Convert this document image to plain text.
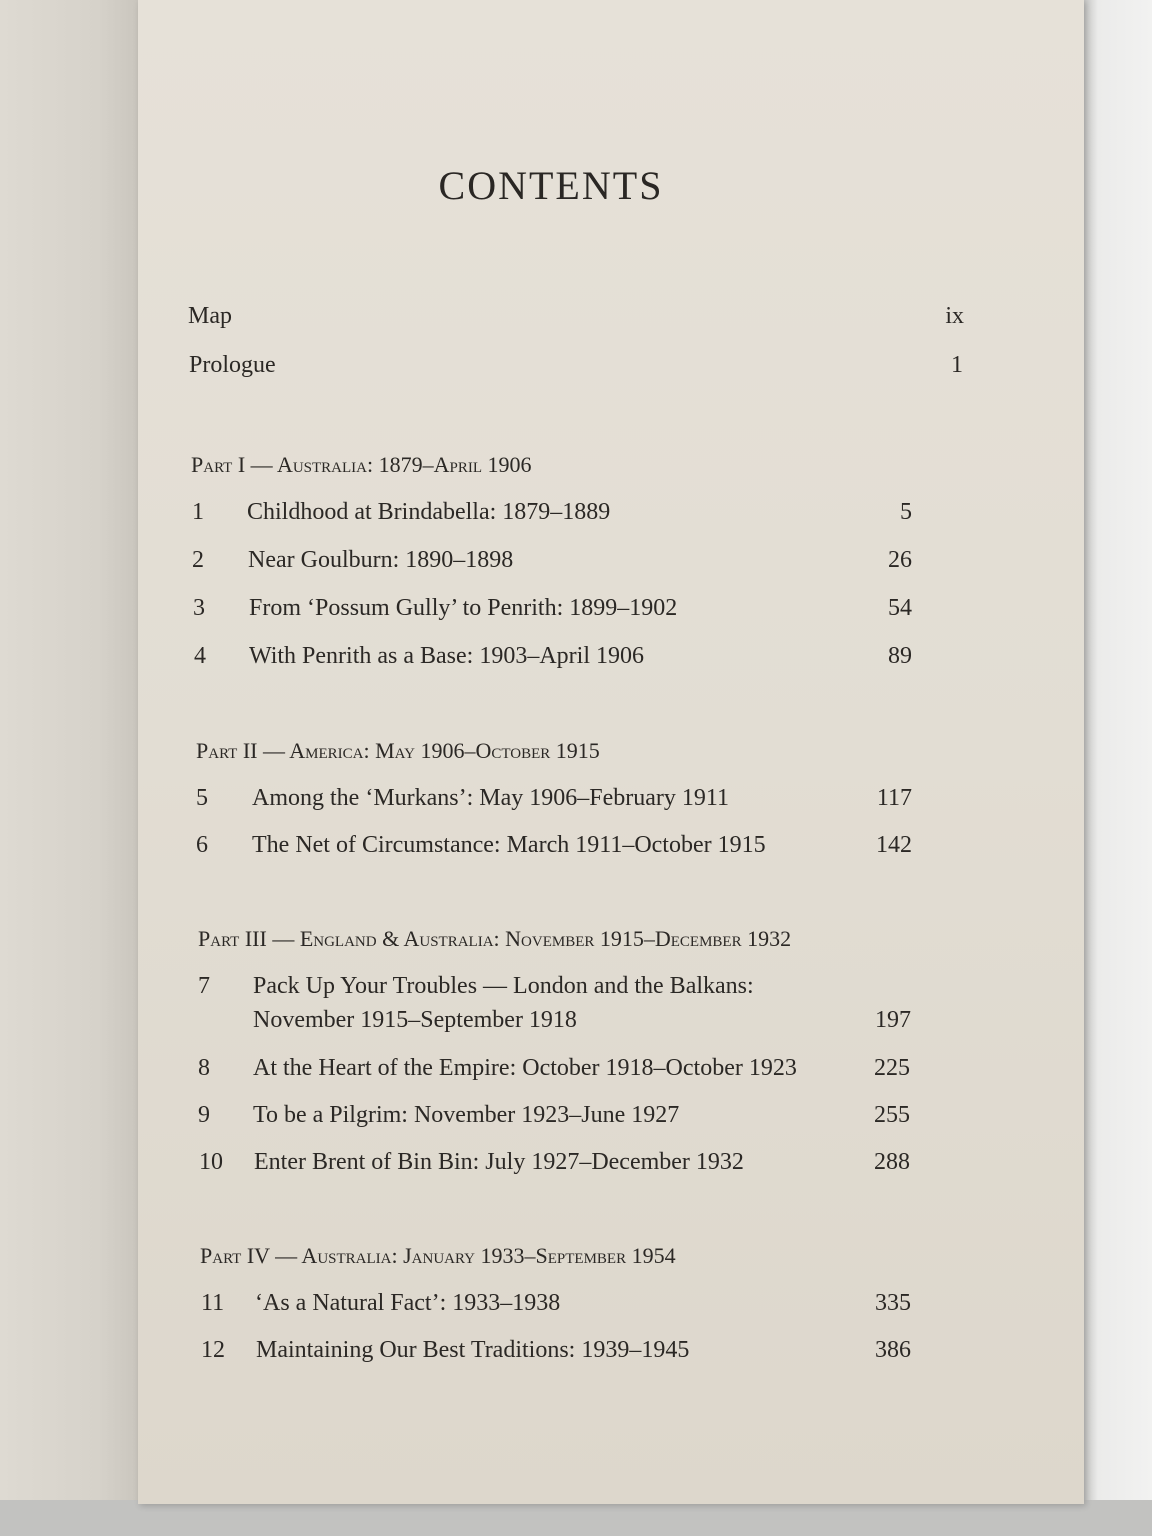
CONTENTS
Map	ix
Prologue	1
Part I — Australia: 1879–April 1906
1 Childhood at Brindabella: 1879–1889	5
2 Near Goulburn: 1890–1898	26
3 From ‘Possum Gully’ to Penrith: 1899–1902	54
4 With Penrith as a Base: 1903–April 1906	89
Part II — America: May 1906–October 1915
5 Among the ‘Murkans’: May 1906–February 1911	117
6 The Net of Circumstance: March 1911–October 1915	142
Part III — England & Australia: November 1915–December 1932
7 Pack Up Your Troubles — London and the Balkans:
November 1915–September 1918	197
8 At the Heart of the Empire: October 1918–October 1923	225
9 To be a Pilgrim: November 1923–June 1927	255
10 Enter Brent of Bin Bin: July 1927–December 1932	288
Part IV — Australia: January 1933–September 1954
11 ‘As a Natural Fact’: 1933–1938	335
12 Maintaining Our Best Traditions: 1939–1945	386
